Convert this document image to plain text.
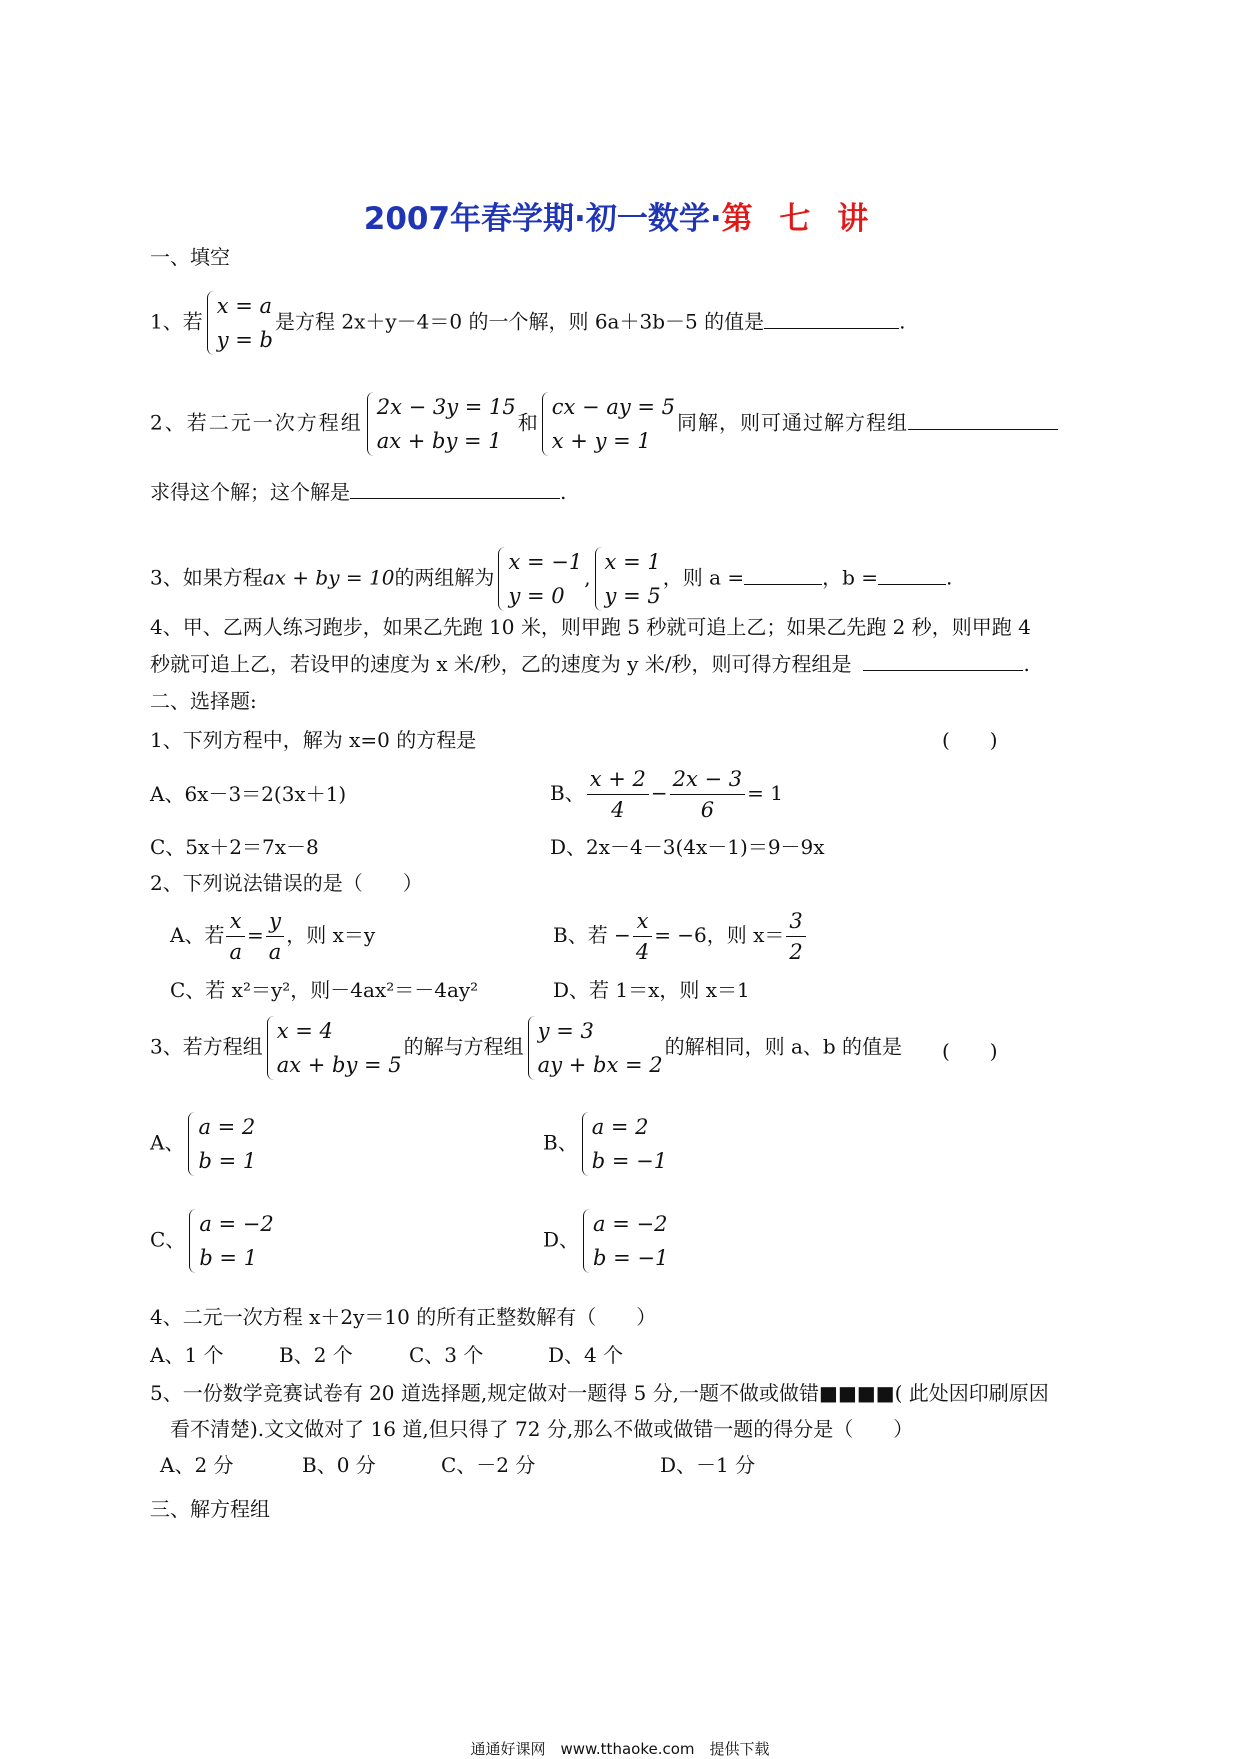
2007年春学期·初一数学·第 七 讲
一、填空
1、若
x = a
y = b
是方程 2x＋y－4＝0 的一个解，则 6a＋3b－5 的值是	.
2、若二元一次方程组
2x − 3y = 15
ax + by = 1
和
cx − ay = 5
x + y = 1
同解，则可通过解方程组
求得这个解；这个解是	.
3、如果方程ax + by = 10的两组解为
x = −1
y = 0
,
x = 1
y = 5
，则 a =	，b =	.
4、甲、乙两人练习跑步，如果乙先跑 10 米，则甲跑 5 秒就可追上乙；如果乙先跑 2 秒，则甲跑 4
秒就可追上乙，若设甲的速度为 x 米/秒，乙的速度为 y 米/秒，则可得方程组是	.
二、选择题:
1、下列方程中，解为 x=0 的方程是	(　　)
A、6x－3＝2(3x＋1)	B、 $\frac{x + 2}{4} - \frac{2x - 3}{6} = 1$
C、5x＋2＝7x－8	D、2x－4－3(4x－1)＝9－9x
2、下列说法错误的是（　　）
A、若 $\frac{x}{a} = \frac{y}{a}$ ，则 x＝y	B、若 − $\frac{x}{4} = -6$，则 $x= \frac{3}{2}$
C、若 x²＝y²，则－4ax²＝－4ay²	D、若 1＝x，则 x＝1
3、若方程组
x = 4
ax + by = 5
的解与方程组
y = 3
ay + bx = 2
的解相同，则 a、b 的值是 (　　)
A、
a = 2
b = 1
B、
a = 2
b = −1
C、
a = −2
b = 1
D、
a = −2
b = −1
4、二元一次方程 x＋2y＝10 的所有正整数解有（　　）
A、1 个	B、2 个	C、3 个	D、4 个
5、一份数学竞赛试卷有 20 道选择题,规定做对一题得 5 分,一题不做或做错■■■■( 此处因印刷原因
看不清楚).文文做对了 16 道,但只得了 72 分,那么不做或做错一题的得分是（　　）
A、2 分	B、0 分	C、－2 分	D、－1 分
三、解方程组
通通好课网　www.tthaoke.com　提供下载
